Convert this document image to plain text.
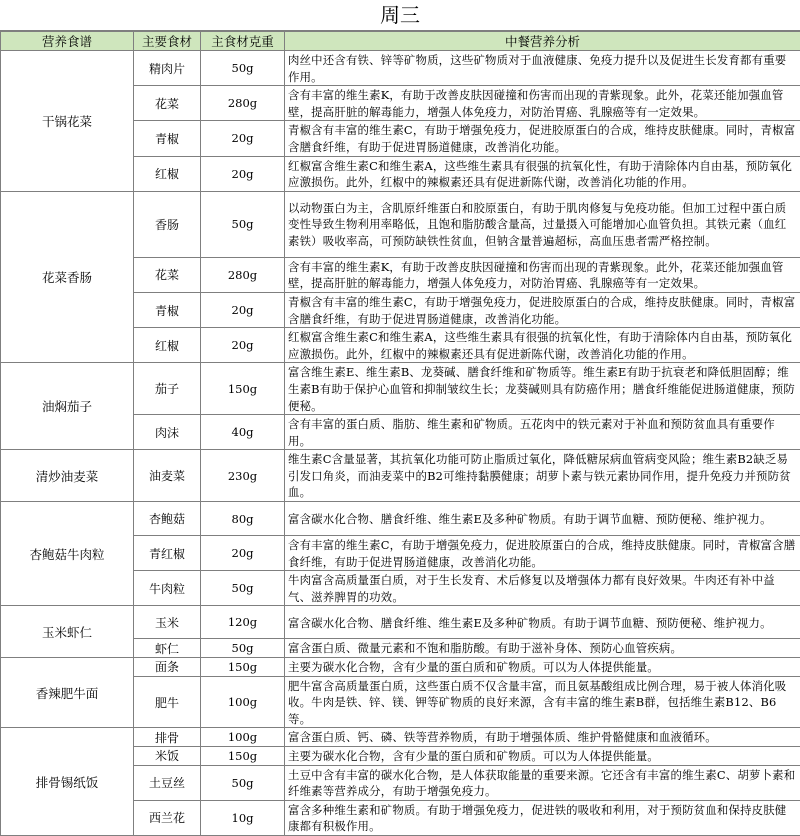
周三
营养食谱	主要食材	主食材克重	中餐营养分析
干锅花菜	精肉片	50g	肉丝中还含有铁、锌等矿物质，这些矿物质对于血液健康、免疫力提升以及促进生长发育都有重要作用。
	花菜	280g	含有丰富的维生素K，有助于改善皮肤因碰撞和伤害而出现的青紫现象。此外，花菜还能加强血管壁，提高肝脏的解毒能力，增强人体免疫力，对防治胃癌、乳腺癌等有一定效果。
	青椒	20g	青椒含有丰富的维生素C，有助于增强免疫力，促进胶原蛋白的合成，维持皮肤健康。同时，青椒富含膳食纤维，有助于促进胃肠道健康，改善消化功能。
	红椒	20g	红椒富含维生素C和维生素A，这些维生素具有很强的抗氧化性，有助于清除体内自由基，预防氧化应激损伤。此外，红椒中的辣椒素还具有促进新陈代谢，改善消化功能的作用。
花菜香肠	香肠	50g	以动物蛋白为主，含肌原纤维蛋白和胶原蛋白，有助于肌肉修复与免疫功能。但加工过程中蛋白质变性导致生物利用率略低，且饱和脂肪酸含量高，过量摄入可能增加心血管负担。其铁元素（血红素铁）吸收率高，可预防缺铁性贫血，但钠含量普遍超标，高血压患者需严格控制。
	花菜	280g	含有丰富的维生素K，有助于改善皮肤因碰撞和伤害而出现的青紫现象。此外，花菜还能加强血管壁，提高肝脏的解毒能力，增强人体免疫力，对防治胃癌、乳腺癌等有一定效果。
	青椒	20g	青椒含有丰富的维生素C，有助于增强免疫力，促进胶原蛋白的合成，维持皮肤健康。同时，青椒富含膳食纤维，有助于促进胃肠道健康，改善消化功能。
	红椒	20g	红椒富含维生素C和维生素A，这些维生素具有很强的抗氧化性，有助于清除体内自由基，预防氧化应激损伤。此外，红椒中的辣椒素还具有促进新陈代谢，改善消化功能的作用。
油焖茄子	茄子	150g	富含维生素E、维生素B、龙葵碱、膳食纤维和矿物质等。维生素E有助于抗衰老和降低胆固醇；维生素B有助于保护心血管和抑制皱纹生长；龙葵碱则具有防癌作用；膳食纤维能促进肠道健康，预防便秘。
	肉沫	40g	含有丰富的蛋白质、脂肪、维生素和矿物质。五花肉中的铁元素对于补血和预防贫血具有重要作用。
清炒油麦菜	油麦菜	230g	维生素C含量显著，其抗氧化功能可防止脂质过氧化，降低糖尿病血管病变风险；维生素B2缺乏易引发口角炎，而油麦菜中的B2可维持黏膜健康；胡萝卜素与铁元素协同作用，提升免疫力并预防贫血。
杏鲍菇牛肉粒	杏鲍菇	80g	富含碳水化合物、膳食纤维、维生素E及多种矿物质。有助于调节血糖、预防便秘、维护视力。
	青红椒	20g	含有丰富的维生素C，有助于增强免疫力，促进胶原蛋白的合成，维持皮肤健康。同时，青椒富含膳食纤维，有助于促进胃肠道健康，改善消化功能。
	牛肉粒	50g	牛肉富含高质量蛋白质，对于生长发育、术后修复以及增强体力都有良好效果。牛肉还有补中益气、滋养脾胃的功效。
玉米虾仁	玉米	120g	富含碳水化合物、膳食纤维、维生素E及多种矿物质。有助于调节血糖、预防便秘、维护视力。
	虾仁	50g	富含蛋白质、微量元素和不饱和脂肪酸。有助于滋补身体、预防心血管疾病。
香辣肥牛面	面条	150g	主要为碳水化合物，含有少量的蛋白质和矿物质。可以为人体提供能量。
	肥牛	100g	肥牛富含高质量蛋白质，这些蛋白质不仅含量丰富，而且氨基酸组成比例合理，易于被人体消化吸收。牛肉是铁、锌、镁、钾等矿物质的良好来源，含有丰富的维生素B群，包括维生素B12、B6等。
排骨锡纸饭	排骨	100g	富含蛋白质、钙、磷、铁等营养物质，有助于增强体质、维护骨骼健康和血液循环。
	米饭	150g	主要为碳水化合物，含有少量的蛋白质和矿物质。可以为人体提供能量。
	土豆丝	50g	土豆中含有丰富的碳水化合物，是人体获取能量的重要来源。它还含有丰富的维生素C、胡萝卜素和纤维素等营养成分，有助于增强免疫力。
	西兰花	10g	富含多种维生素和矿物质。有助于增强免疫力，促进铁的吸收和利用，对于预防贫血和保持皮肤健康都有积极作用。
